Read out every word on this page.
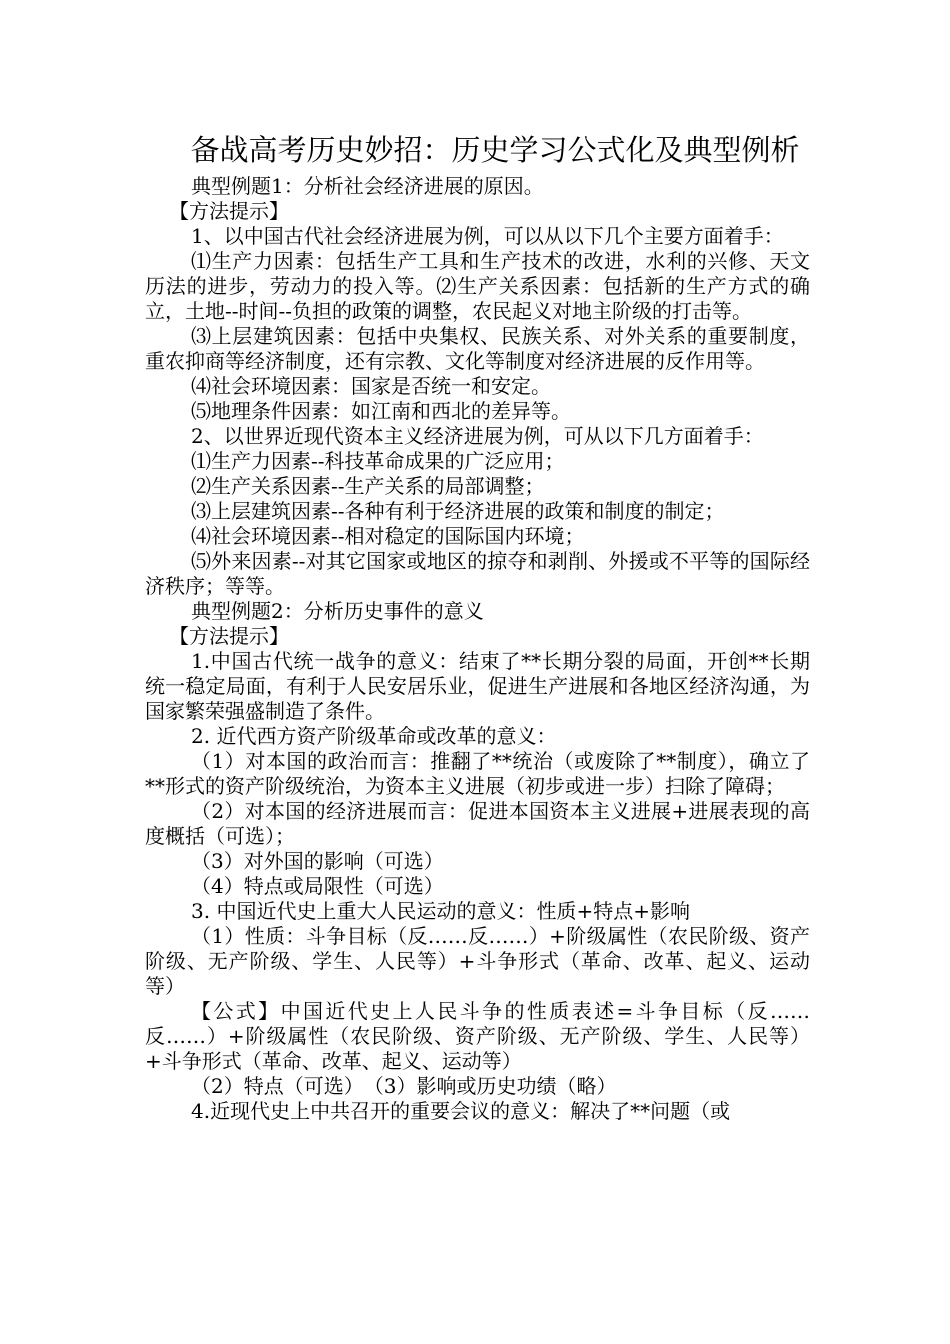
备战高考历史妙招：历史学习公式化及典型例析

典型例题1：分析社会经济进展的原因。

【方法提示】

1、以中国古代社会经济进展为例，可以从以下几个主要方面着手：

⑴生产力因素：包括生产工具和生产技术的改进，水利的兴修、天文历法的进步，劳动力的投入等。⑵生产关系因素：包括新的生产方式的确立，土地--时间--负担的政策的调整，农民起义对地主阶级的打击等。

⑶上层建筑因素：包括中央集权、民族关系、对外关系的重要制度，重农抑商等经济制度，还有宗教、文化等制度对经济进展的反作用等。

⑷社会环境因素：国家是否统一和安定。

⑸地理条件因素：如江南和西北的差异等。

2、以世界近现代资本主义经济进展为例，可从以下几方面着手：

⑴生产力因素--科技革命成果的广泛应用；

⑵生产关系因素--生产关系的局部调整；

⑶上层建筑因素--各种有利于经济进展的政策和制度的制定；

⑷社会环境因素--相对稳定的国际国内环境；

⑸外来因素--对其它国家或地区的掠夺和剥削、外援或不平等的国际经济秩序；等等。

典型例题2：分析历史事件的意义

【方法提示】

1.中国古代统一战争的意义：结束了**长期分裂的局面，开创**长期统一稳定局面，有利于人民安居乐业，促进生产进展和各地区经济沟通，为国家繁荣强盛制造了条件。

2. 近代西方资产阶级革命或改革的意义：

（1）对本国的政治而言：推翻了**统治（或废除了**制度），确立了**形式的资产阶级统治，为资本主义进展（初步或进一步）扫除了障碍；

（2）对本国的经济进展而言：促进本国资本主义进展+进展表现的高度概括（可选）；

（3）对外国的影响（可选）

（4）特点或局限性（可选）

3. 中国近代史上重大人民运动的意义：性质+特点+影响

（1）性质：斗争目标（反……反……）+阶级属性（农民阶级、资产阶级、无产阶级、学生、人民等）+斗争形式（革命、改革、起义、运动等）

【公式】中国近代史上人民斗争的性质表述=斗争目标（反……反……）+阶级属性（农民阶级、资产阶级、无产阶级、学生、人民等）+斗争形式（革命、改革、起义、运动等）

（2）特点（可选）　（3）影响或历史功绩（略）

4.近现代史上中共召开的重要会议的意义：解决了**问题（或
